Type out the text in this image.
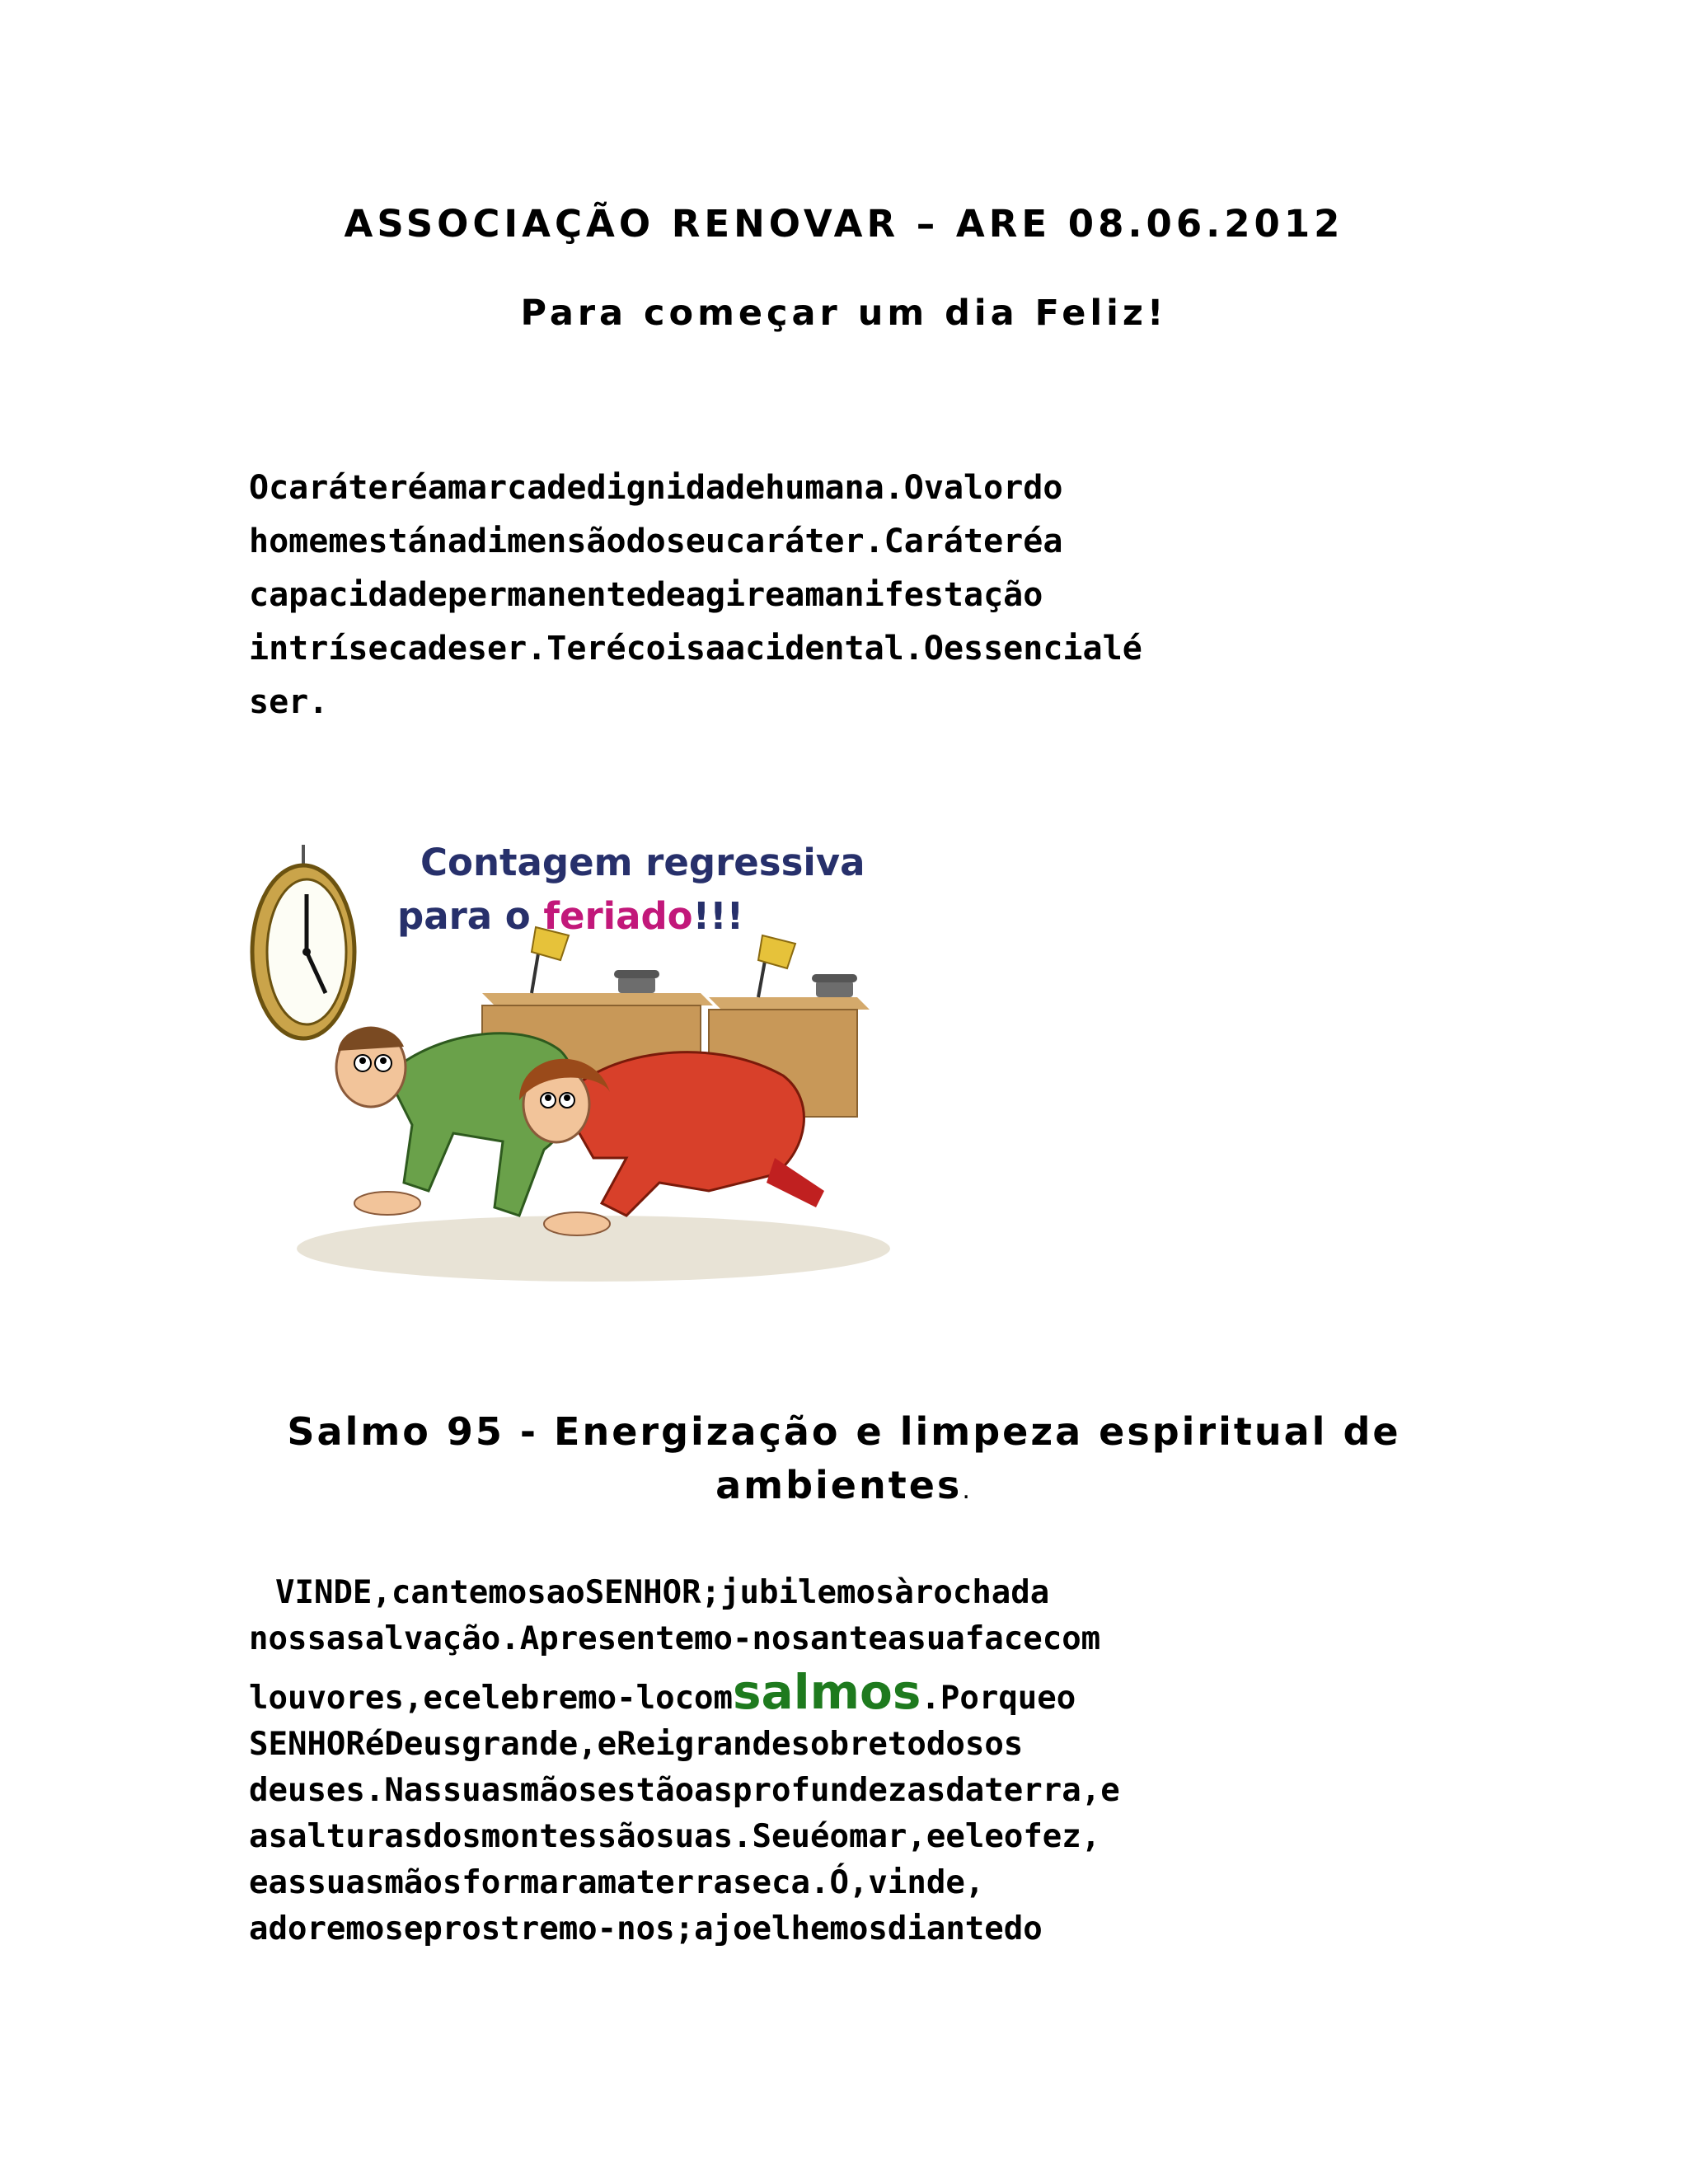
ASSOCIAÇÃO RENOVAR – ARE 08.06.2012
Para começar um dia Feliz!
Ocaráteréamarcadedignidadehumana.Ovalordo
homemestánadimensãodoseucaráter.Caráteréa
capacidadepermanentedeagireamanifestação
intrísecadeser.Terécoisaacidental.Oessencialé
ser.
Contagem regressiva
para o feriado!!!
Salmo 95 - Energização e limpeza espiritual de
ambientes.
VINDE,cantemosaoSENHOR;jubilemosàrochada
nossasalvação.Apresentemo-nosanteasuafacecom
louvores,ecelebremo-locomsalmos.Porqueo
SENHORéDeusgrande,eReigrandesobretodosos
deuses.Nassuasmãosestãoasprofundezasdaterra,e
asalturasdosmontessãosuas.Seuéomar,eeleofez,
eassuasmãosformaramaterraseca.Ó,vinde,
adoremoseprostremo-nos;ajoelhemosdiantedo
